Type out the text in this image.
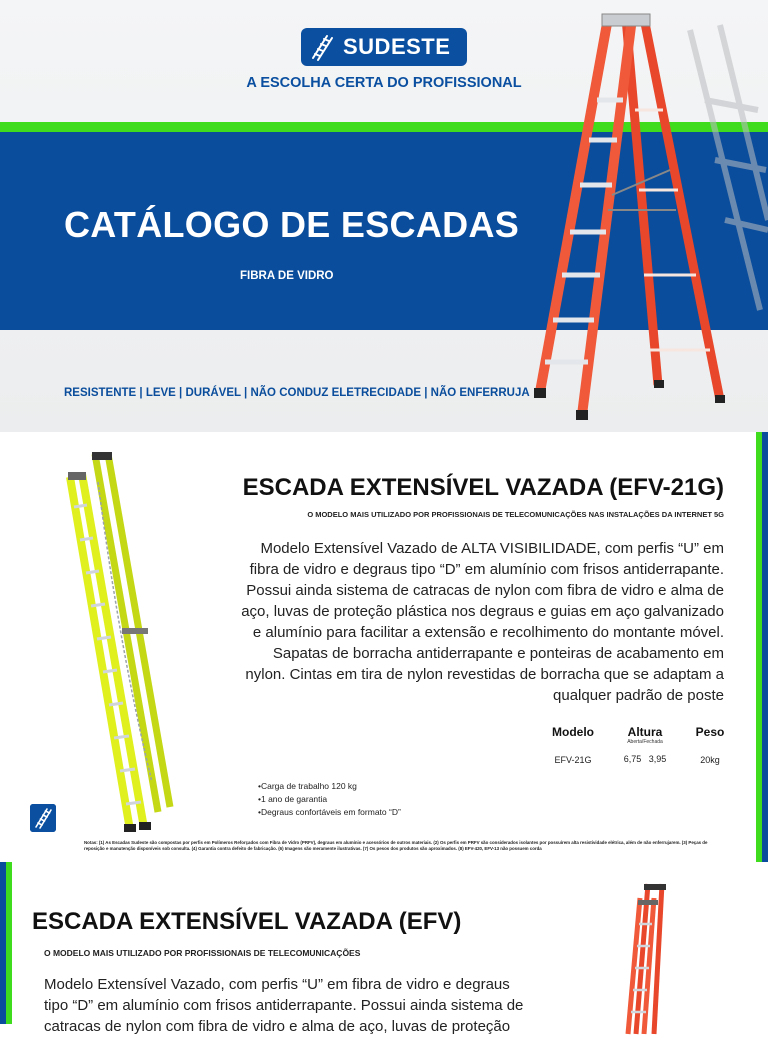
SUDESTE
A ESCOLHA CERTA DO PROFISSIONAL
CATÁLOGO DE ESCADAS
FIBRA DE VIDRO
RESISTENTE | LEVE | DURÁVEL | NÃO CONDUZ ELETRECIDADE | NÃO ENFERRUJA
ESCADA EXTENSÍVEL VAZADA (EFV-21G)
O MODELO MAIS UTILIZADO POR PROFISSIONAIS DE TELECOMUNICAÇÕES NAS INSTALAÇÕES DA INTERNET 5G
Modelo Extensível Vazado de ALTA VISIBILIDADE, com perfis “U” em fibra de vidro e degraus tipo “D” em alumínio com frisos antiderrapante. Possui ainda sistema de catracas de nylon com fibra de vidro e alma de aço, luvas de proteção plástica nos degraus e guias em aço galvanizado e alumínio para facilitar a extensão e recolhimento do montante móvel. Sapatas de borracha antiderrapante e ponteiras de acabamento em nylon. Cintas em tira de nylon revestidas de borracha que se adaptam a qualquer padrão de poste
Modelo
EFV-21G
Altura
Aberta/Fechada
6,75 3,95
Peso
20kg
•Carga de trabalho 120 kg
•1 ano de garantia
•Degraus confortáveis em formato “D”
Notas: (1) As Escadas Sudeste são compostas por perfis em Polímeros Reforçados com Fibra de Vidro (PRFV), degraus em alumínio e acessórios de outros materiais. (2) Os perfis em PRFV são considerados isolantes por possuírem alta resistividade elétrica, além de não enferrujarem. (3) Peças de reposição e manutenção disponíveis sob consulta. (4) Garantia contra defeito de fabricação. (6) Imagens são meramente ilustrativas. (7) Os pesos dos produtos são aproximados. (8) EFV-420, EFV-13 não possuem corda
ESCADA EXTENSÍVEL VAZADA (EFV)
O MODELO MAIS UTILIZADO POR PROFISSIONAIS DE TELECOMUNICAÇÕES
Modelo Extensível Vazado, com perfis “U” em fibra de vidro e degraus tipo “D” em alumínio com frisos antiderrapante. Possui ainda sistema de catracas de nylon com fibra de vidro e alma de aço, luvas de proteção
